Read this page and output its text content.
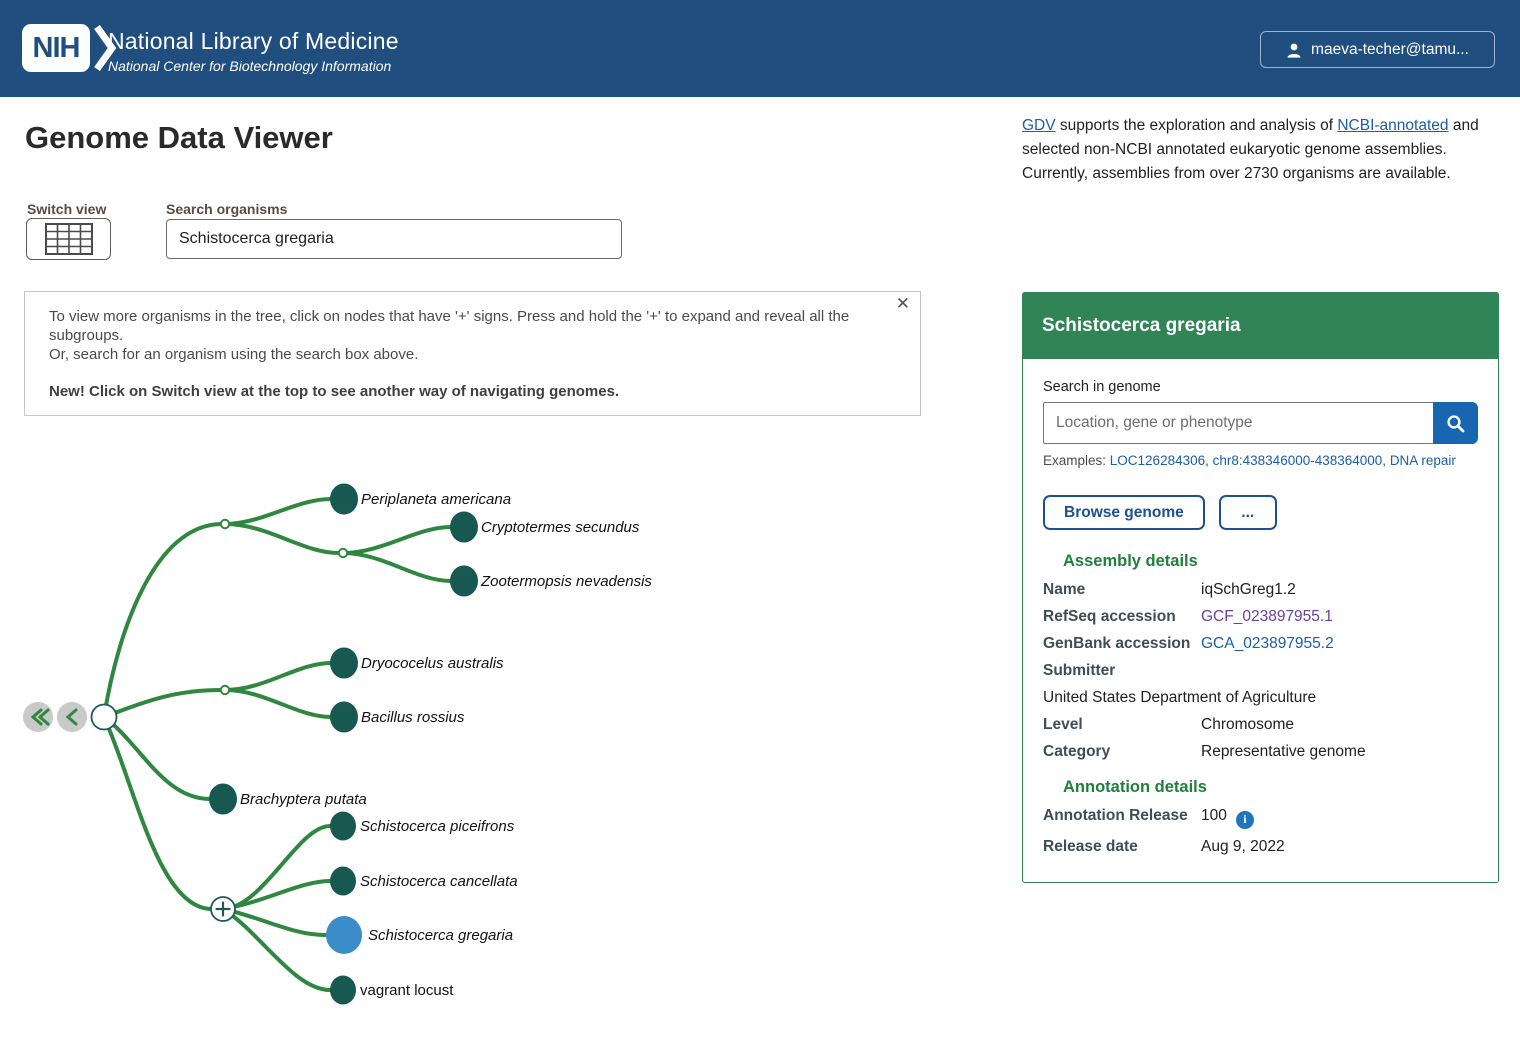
NIH	National Library of Medicine
National Center for Biotechnology Information
maeva-techer@tamu...
Genome Data Viewer
Switch view	Search organisms
Schistocerca gregaria
✕
To view more organisms in the tree, click on nodes that have '+' signs. Press and hold the '+' to expand and reveal all the subgroups.
Or, search for an organism using the search box above.
New! Click on Switch view at the top to see another way of navigating genomes.
Periplaneta americana
Cryptotermes secundus
Zootermopsis nevadensis
Dryococelus australis
Bacillus rossius
Brachyptera putata
Schistocerca piceifrons
Schistocerca cancellata
Schistocerca gregaria
vagrant locust

GDV supports the exploration and analysis of NCBI-annotated and selected non-NCBI annotated eukaryotic genome assemblies. Currently, assemblies from over 2730 organisms are available.

Schistocerca gregaria
Search in genome
Location, gene or phenotype
Examples: LOC126284306, chr8:438346000-438364000, DNA repair
Browse genome	...
Assembly details
Name	iqSchGreg1.2
RefSeq accession	GCF_023897955.1
GenBank accession GCA_023897955.2
Submitter
United States Department of Agriculture
Level	Chromosome
Category	Representative genome
Annotation details
Annotation Release 100 i
Release date	Aug 9, 2022
